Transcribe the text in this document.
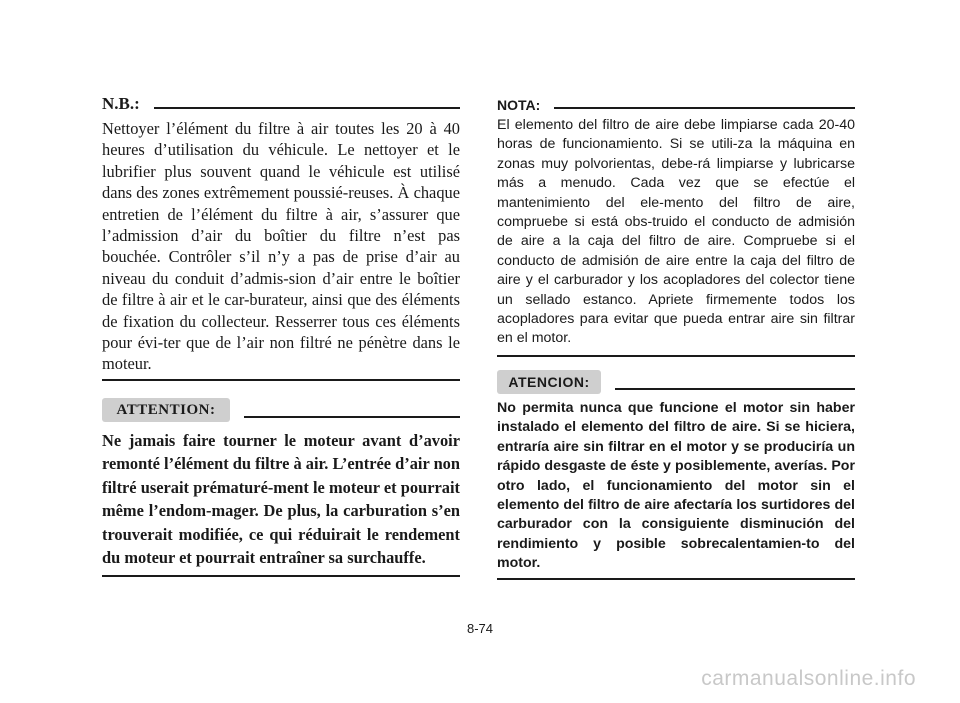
N.B.:

Nettoyer l’élément du filtre à air toutes les 20 à 40 heures d’utilisation du véhicule. Le nettoyer et le lubrifier plus souvent quand le véhicule est utilisé dans des zones extrêmement poussié-reuses. À chaque entretien de l’élément du filtre à air, s’assurer que l’admission d’air du boîtier du filtre n’est pas bouchée. Contrôler s’il n’y a pas de prise d’air au niveau du conduit d’admis-sion d’air entre le boîtier de filtre à air et le car-burateur, ainsi que des éléments de fixation du collecteur. Resserrer tous ces éléments pour évi-ter que de l’air non filtré ne pénètre dans le moteur.

ATTENTION:

Ne jamais faire tourner le moteur avant d’avoir remonté l’élément du filtre à air. L’entrée d’air non filtré userait prématuré-ment le moteur et pourrait même l’endom-mager. De plus, la carburation s’en trouverait modifiée, ce qui réduirait le rendement du moteur et pourrait entraîner sa surchauffe.

NOTA:

El elemento del filtro de aire debe limpiarse cada 20-40 horas de funcionamiento. Si se utili-za la máquina en zonas muy polvorientas, debe-rá limpiarse y lubricarse más a menudo. Cada vez que se efectúe el mantenimiento del ele-mento del filtro de aire, compruebe si está obs-truido el conducto de admisión de aire a la caja del filtro de aire. Compruebe si el conducto de admisión de aire entre la caja del filtro de aire y el carburador y los acopladores del colector tiene un sellado estanco. Apriete firmemente todos los acopladores para evitar que pueda entrar aire sin filtrar en el motor.

ATENCION:

No permita nunca que funcione el motor sin haber instalado el elemento del filtro de aire. Si se hiciera, entraría aire sin filtrar en el motor y se produciría un rápido desgaste de éste y posiblemente, averías. Por otro lado, el funcionamiento del motor sin el elemento del filtro de aire afectaría los surtidores del carburador con la consiguiente disminución del rendimiento y posible sobrecalentamien-to del motor.

8-74
carmanualsonline.info
